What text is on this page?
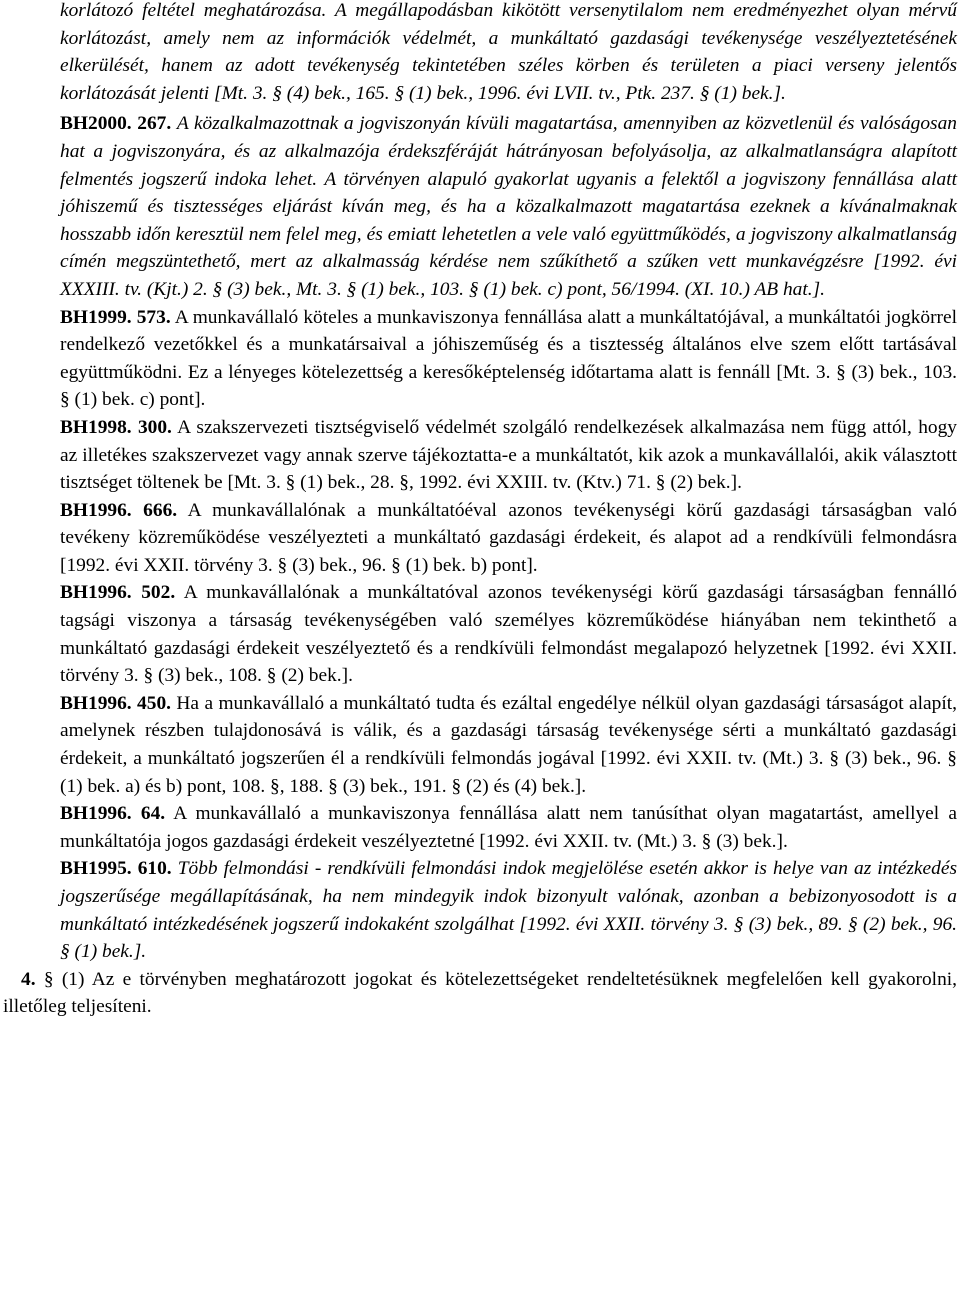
korlátozó feltétel meghatározása. A megállapodásban kikötött versenytilalom nem eredményezhet olyan mérvű korlátozást, amely nem az információk védelmét, a munkáltató gazdasági tevékenysége veszélyeztetésének elkerülését, hanem az adott tevékenység tekintetében széles körben és területen a piaci verseny jelentős korlátozását jelenti [Mt. 3. § (4) bek., 165. § (1) bek., 1996. évi LVII. tv., Ptk. 237. § (1) bek.].

BH2000. 267. A közalkalmazottnak a jogviszonyán kívüli magatartása, amennyiben az közvetlenül és valóságosan hat a jogviszonyára, és az alkalmazója érdekszféráját hátrányosan befolyásolja, az alkalmatlanságra alapított felmentés jogszerű indoka lehet. A törvényen alapuló gyakorlat ugyanis a felektől a jogviszony fennállása alatt jóhiszemű és tisztességes eljárást kíván meg, és ha a közalkalmazott magatartása ezeknek a kívánalmaknak hosszabb időn keresztül nem felel meg, és emiatt lehetetlen a vele való együttműködés, a jogviszony alkalmatlanság címén megszüntethető, mert az alkalmasság kérdése nem szűkíthető a szűken vett munkavégzésre [1992. évi XXXIII. tv. (Kjt.) 2. § (3) bek., Mt. 3. § (1) bek., 103. § (1) bek. c) pont, 56/1994. (XI. 10.) AB hat.].

BH1999. 573. A munkavállaló köteles a munkaviszonya fennállása alatt a munkáltatójával, a munkáltatói jogkörrel rendelkező vezetőkkel és a munkatársaival a jóhiszeműség és a tisztesség általános elve szem előtt tartásával együttműködni. Ez a lényeges kötelezettség a keresőképtelenség időtartama alatt is fennáll [Mt. 3. § (3) bek., 103. § (1) bek. c) pont].

BH1998. 300. A szakszervezeti tisztségviselő védelmét szolgáló rendelkezések alkalmazása nem függ attól, hogy az illetékes szakszervezet vagy annak szerve tájékoztatta-e a munkáltatót, kik azok a munkavállalói, akik választott tisztséget töltenek be [Mt. 3. § (1) bek., 28. §, 1992. évi XXIII. tv. (Ktv.) 71. § (2) bek.].

BH1996. 666. A munkavállalónak a munkáltatóéval azonos tevékenységi körű gazdasági társaságban való tevékeny közreműködése veszélyezteti a munkáltató gazdasági érdekeit, és alapot ad a rendkívüli felmondásra [1992. évi XXII. törvény 3. § (3) bek., 96. § (1) bek. b) pont].

BH1996. 502. A munkavállalónak a munkáltatóval azonos tevékenységi körű gazdasági társaságban fennálló tagsági viszonya a társaság tevékenységében való személyes közreműködése hiányában nem tekinthető a munkáltató gazdasági érdekeit veszélyeztető és a rendkívüli felmondást megalapozó helyzetnek [1992. évi XXII. törvény 3. § (3) bek., 108. § (2) bek.].

BH1996. 450. Ha a munkavállaló a munkáltató tudta és ezáltal engedélye nélkül olyan gazdasági társaságot alapít, amelynek részben tulajdonosává is válik, és a gazdasági társaság tevékenysége sérti a munkáltató gazdasági érdekeit, a munkáltató jogszerűen él a rendkívüli felmondás jogával [1992. évi XXII. tv. (Mt.) 3. § (3) bek., 96. § (1) bek. a) és b) pont, 108. §, 188. § (3) bek., 191. § (2) és (4) bek.].

BH1996. 64. A munkavállaló a munkaviszonya fennállása alatt nem tanúsíthat olyan magatartást, amellyel a munkáltatója jogos gazdasági érdekeit veszélyeztetné [1992. évi XXII. tv. (Mt.) 3. § (3) bek.].

BH1995. 610. Több felmondási - rendkívüli felmondási indok megjelölése esetén akkor is helye van az intézkedés jogszerűsége megállapításának, ha nem mindegyik indok bizonyult valónak, azonban a bebizonyosodott is a munkáltató intézkedésének jogszerű indokaként szolgálhat [1992. évi XXII. törvény 3. § (3) bek., 89. § (2) bek., 96. § (1) bek.].

4. § (1) Az e törvényben meghatározott jogokat és kötelezettségeket rendeltetésüknek megfelelően kell gyakorolni, illetőleg teljesíteni.
